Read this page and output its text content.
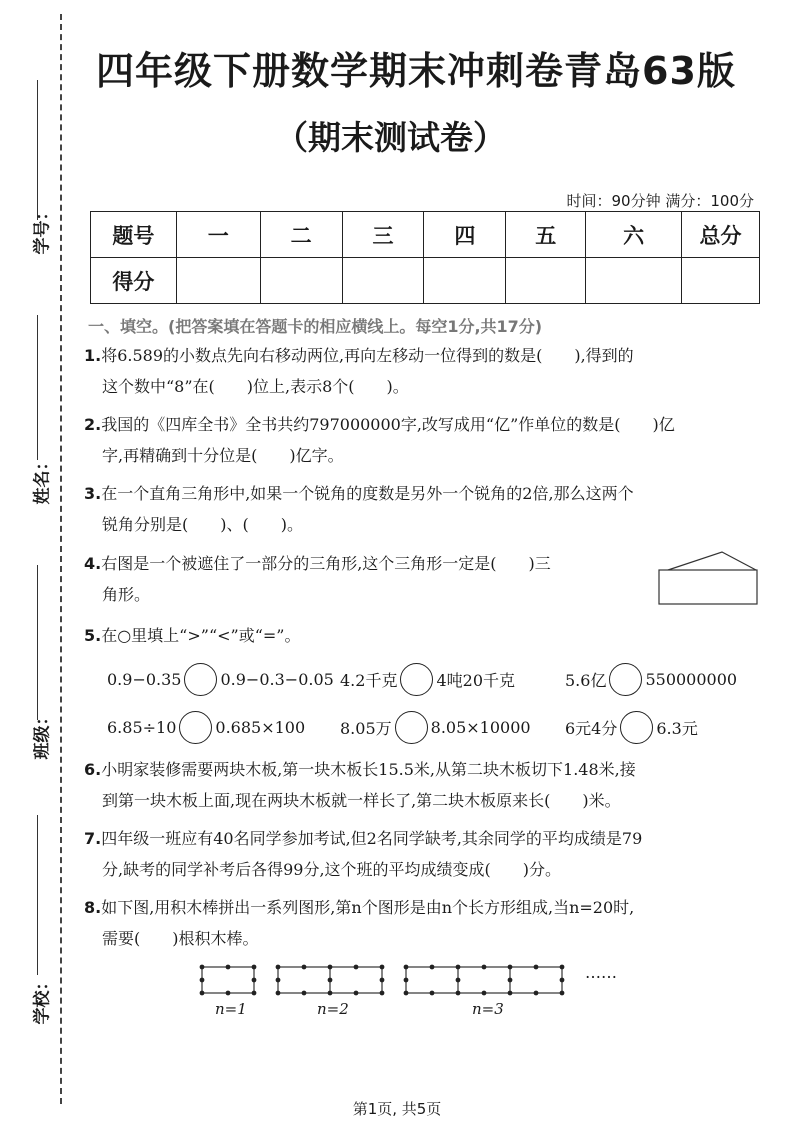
学号：
姓名：
班级：
学校：
四年级下册数学期末冲刺卷青岛63版
（期末测试卷）
时间：90分钟 满分：100分
题号	一	二	三	四	五	六	总分
得分							
一、填空。(把答案填在答题卡的相应横线上。每空1分,共17分)
1.将6.589的小数点先向右移动两位,再向左移动一位得到的数是(　　),得到的
这个数中“8”在(　　)位上,表示8个(　　)。
2.我国的《四库全书》全书共约797000000字,改写成用“亿”作单位的数是(　　)亿
字,再精确到十分位是(　　)亿字。
3.在一个直角三角形中,如果一个锐角的度数是另外一个锐角的2倍,那么这两个
锐角分别是(　　)、(　　)。
4.右图是一个被遮住了一部分的三角形,这个三角形一定是(　　)三
角形。
5.在○里填上“>”“<”或“=”。
0.9−0.35 0.9−0.3−0.05 4.2千克 4吨20千克	5.6亿 550000000
6.85÷10 0.685×100 8.05万 8.05×10000 6元4分 6.3元
6.小明家装修需要两块木板,第一块木板长15.5米,从第二块木板切下1.48米,接
到第一块木板上面,现在两块木板就一样长了,第二块木板原来长(　　)米。
7.四年级一班应有40名同学参加考试,但2名同学缺考,其余同学的平均成绩是79
分,缺考的同学补考后各得99分,这个班的平均成绩变成(　　)分。
8.如下图,用积木棒拼出一系列图形,第n个图形是由n个长方形组成,当n=20时,
需要(　　)根积木棒。
……
n=1	n=2	n=3
第1页, 共5页
